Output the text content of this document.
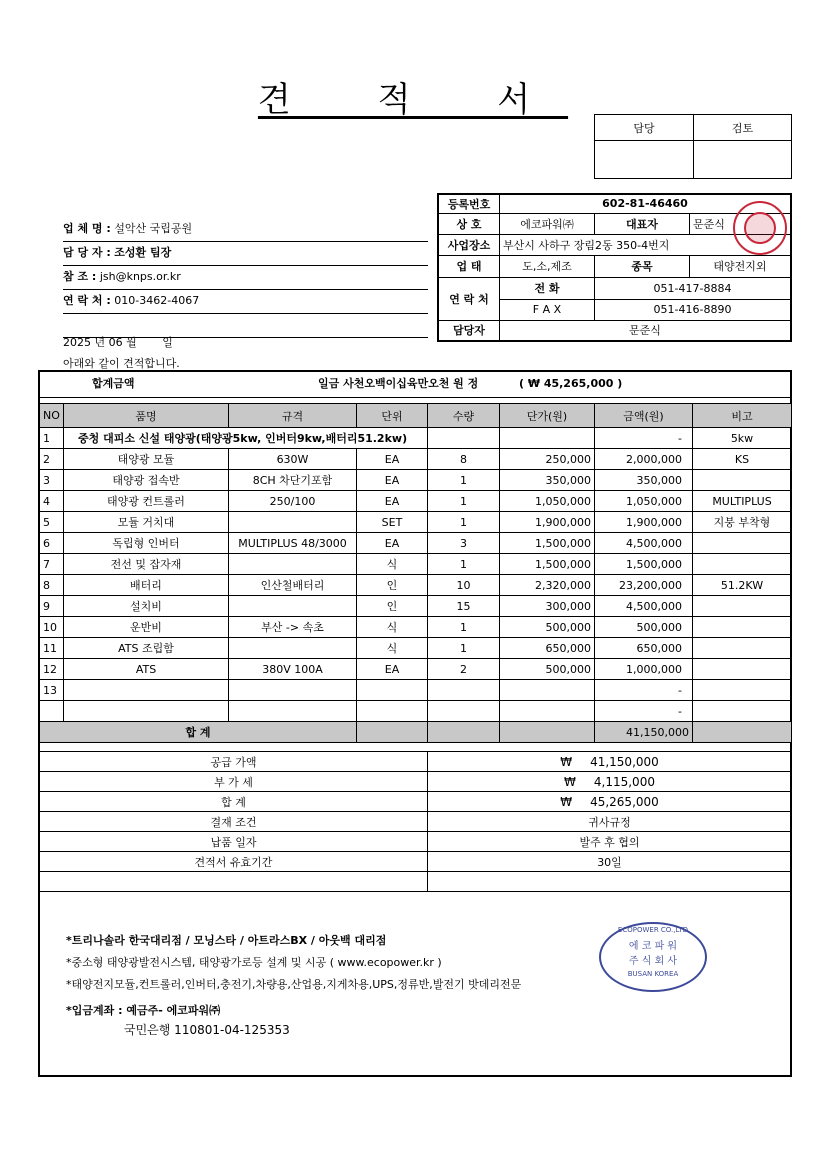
견 적 서
담당	검토

업 체 명 : 설악산 국립공원
담 당 자 : 조성환 팀장
참 조 : jsh@knps.or.kr
연 락 처 : 010-3462-4067
2025 년 06 월 일
아래와 같이 견적합니다.
등록번호	602-81-46460		
상 호	에코파워㈜	대표자	문준식
사업장소	부산시 사하구 장림2동 350-4번지		
업 태	도,소,제조	종목	태양전지외
연 락 처	전 화	051-417-8884	
	F A X	051-416-8890	
담당자	문준식		
합계금액	일금 사천오백이십육만오천 원 정	( ₩ 45,265,000 )
NO	품명	규격	단위	수량	단가(원)	금액(원)	비고
1	중청 대피소 신설 태양광(태양광5kw, 인버터9kw,배터리51.2kw)					-	5kw
2	태양광 모듈	630W	EA	8	250,000	2,000,000	KS
3	태양광 접속반	8CH 차단기포함	EA	1	350,000	350,000	
4	태양광 컨트롤러	250/100	EA	1	1,050,000	1,050,000	MULTIPLUS
5	모듈 거치대		SET	1	1,900,000	1,900,000	지붕 부착형
6	독립형 인버터	MULTIPLUS 48/3000	EA	3	1,500,000	4,500,000	
7	전선 및 잡자재		식	1	1,500,000	1,500,000	
8	배터리	인산철배터리	인	10	2,320,000	23,200,000	51.2KW
9	설치비		인	15	300,000	4,500,000	
10	운반비	부산 -> 속초	식	1	500,000	500,000	
11	ATS 조립함		식	1	650,000	650,000	
12	ATS	380V 100A	EA	2	500,000	1,000,000	
13						-	
						-	
합 계						41,150,000	
공급 가액	₩ 41,150,000
부 가 세	₩ 4,115,000
합 계	₩ 45,265,000
결재 조건	귀사규정
납품 일자	발주 후 협의
견적서 유효기간	30일

*트리나솔라 한국대리점 / 모닝스타 / 아트라스BX / 아웃백 대리점
*중소형 태양광발전시스템, 태양광가로등 설계 및 시공 ( www.ecopower.kr )
*태양전지모듈,컨트롤러,인버터,충전기,차량용,산업용,지게차용,UPS,정류반,발전기 밧데리전문
*입금계좌 : 예금주- 에코파워㈜
국민은행 110801-04-125353
ECOPOWER CO.,LTD
에 코 파 워
주 식 회 사
BUSAN KOREA
